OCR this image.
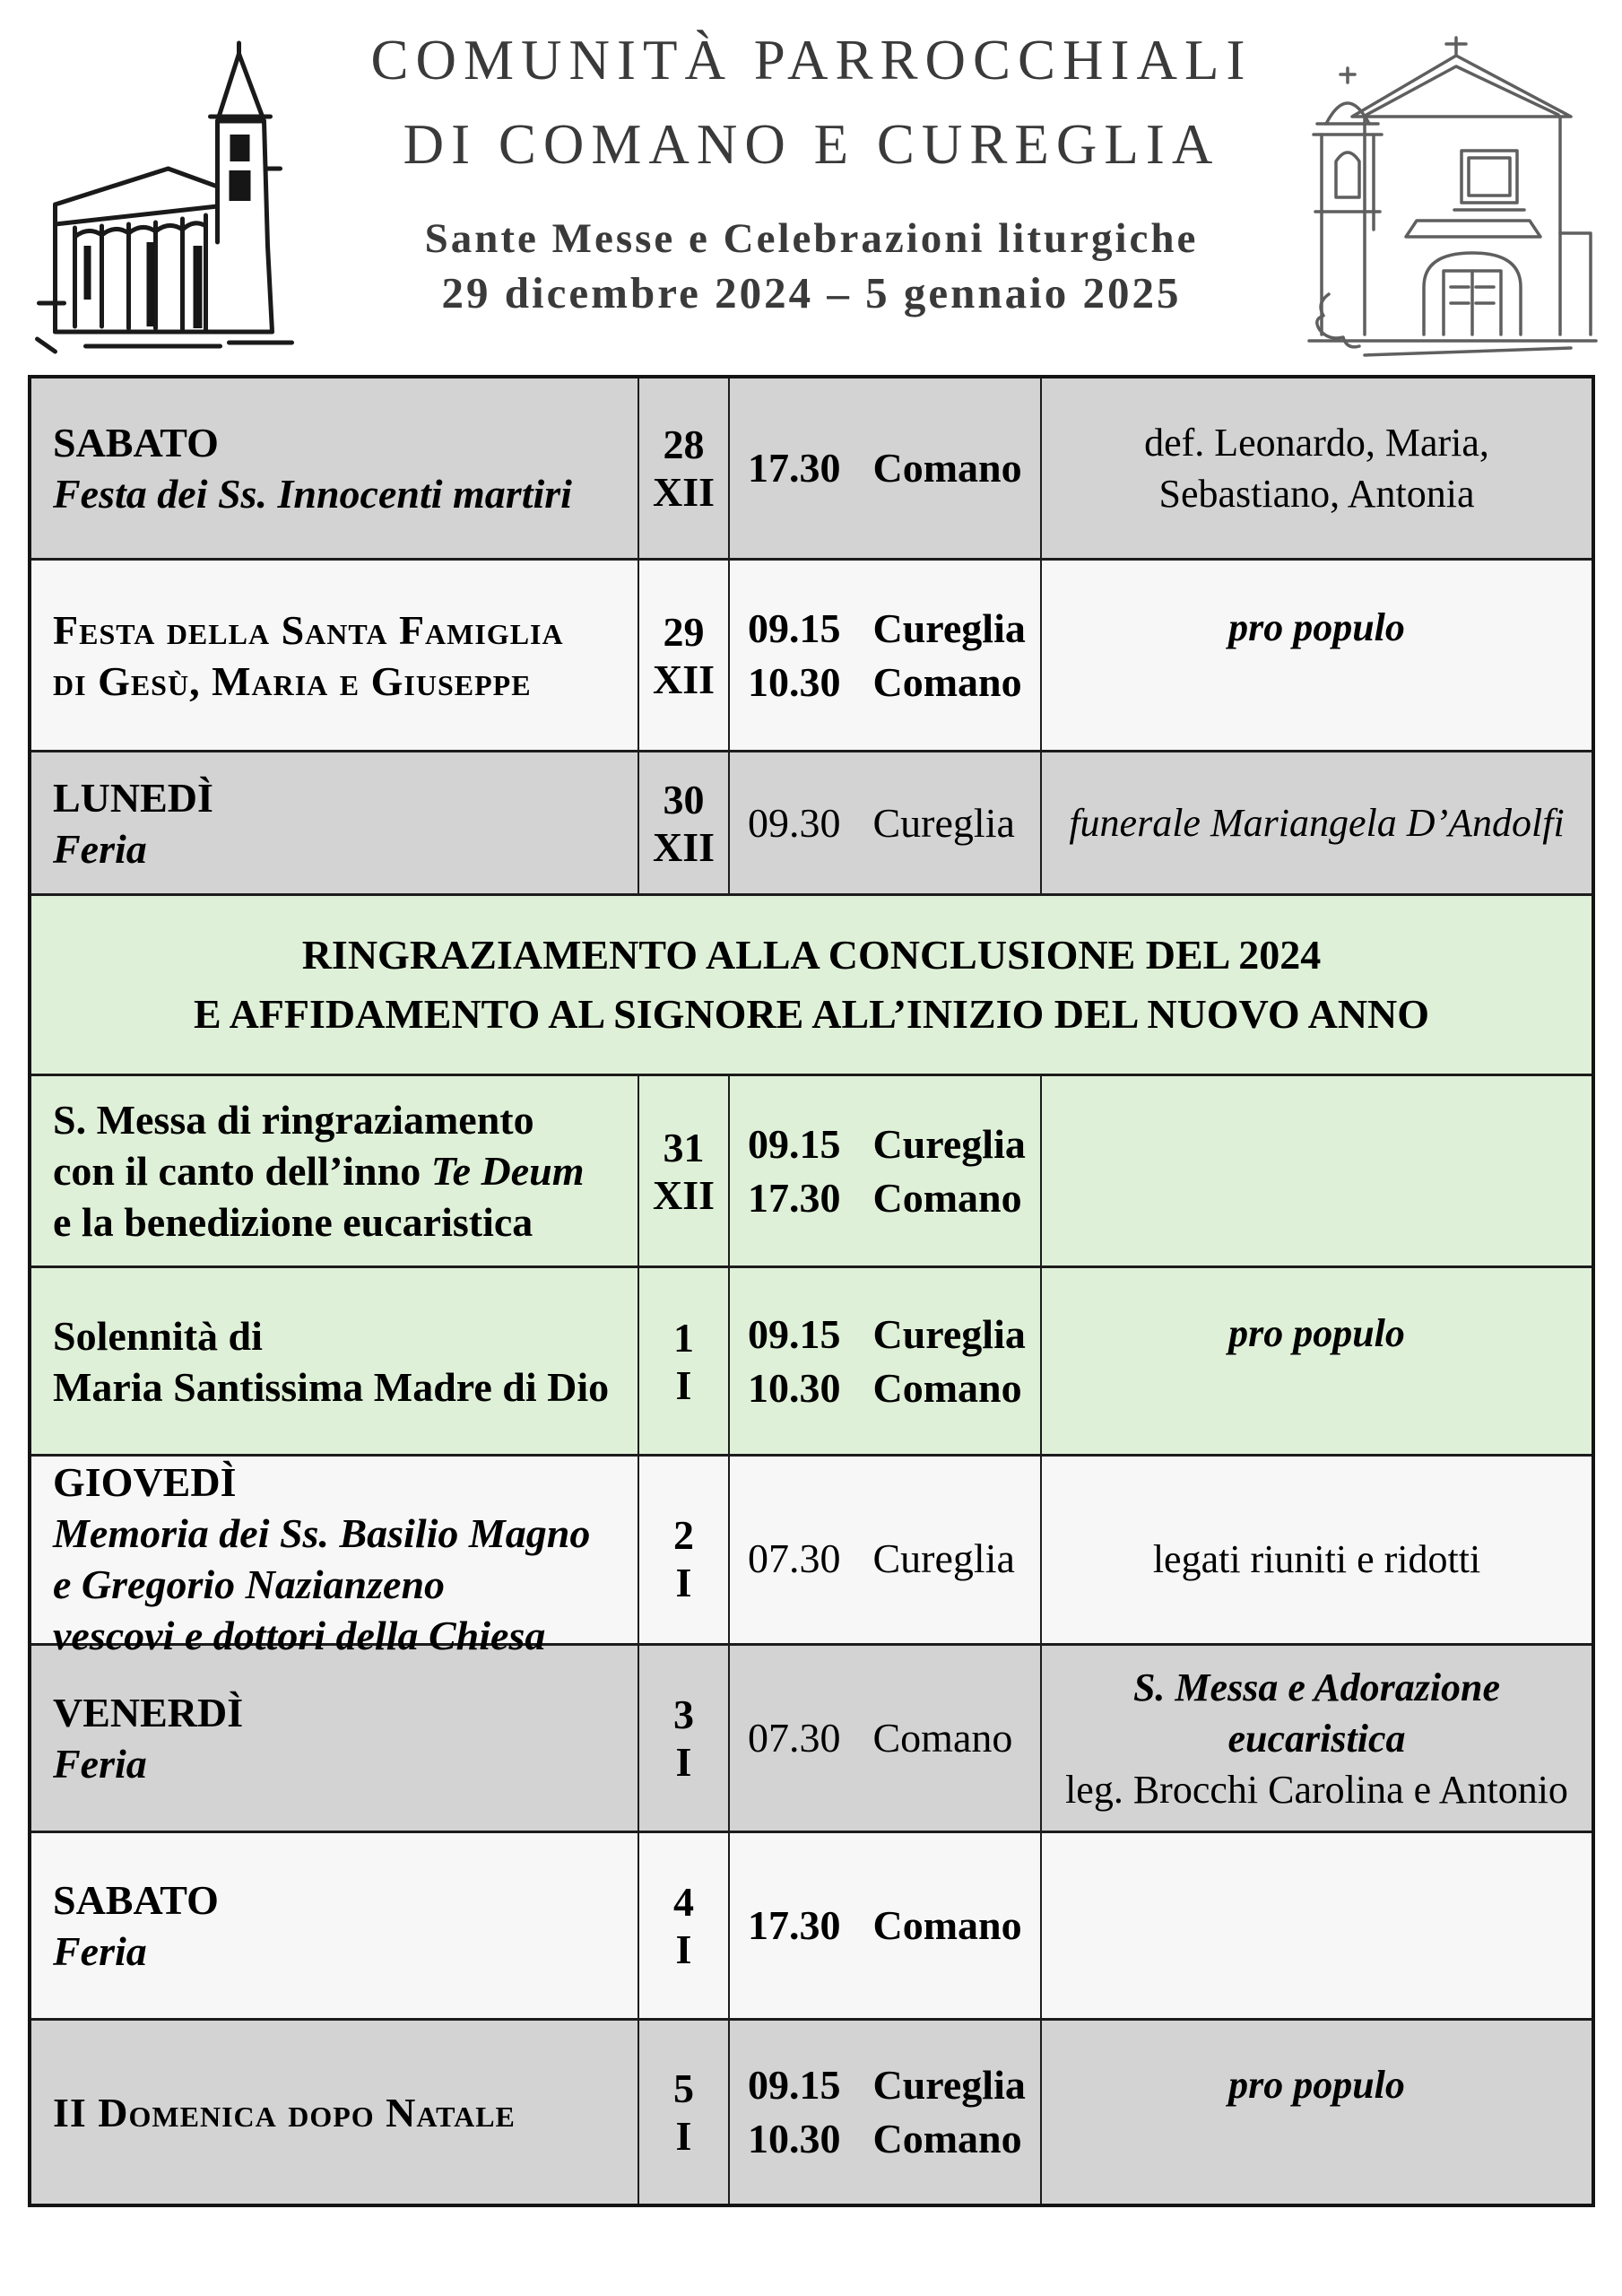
COMUNITÀ PARROCCHIALI
DI COMANO E CUREGLIA
Sante Messe e Celebrazioni liturgiche
29 dicembre 2024 – 5 gennaio 2025
SABATO
Festa dei Ss. Innocenti martiri
28
XII
17.30 Comano
def. Leonardo, Maria,
Sebastiano, Antonia
Festa della Santa Famiglia
di Gesù, Maria e Giuseppe
29
XII
09.15 Cureglia
10.30 Comano
pro populo
LUNEDÌ
Feria
30
XII
09.30 Cureglia funerale Mariangela D’Andolfi
RINGRAZIAMENTO ALLA CONCLUSIONE DEL 2024
E AFFIDAMENTO AL SIGNORE ALL’INIZIO DEL NUOVO ANNO
S. Messa di ringraziamento
con il canto dell’inno Te Deum
e la benedizione eucaristica
31
XII
09.15 Cureglia
17.30 Comano
Solennità di
Maria Santissima Madre di Dio
1
I
09.15 Cureglia
10.30 Comano
pro populo
GIOVEDÌ
Memoria dei Ss. Basilio Magno
e Gregorio Nazianzeno
vescovi e dottori della Chiesa
2
I
07.30 Cureglia	legati riuniti e ridotti
VENERDÌ
Feria
3
I
07.30 Comano
S. Messa e Adorazione eucaristica
leg. Brocchi Carolina e Antonio
SABATO
Feria
4
I
17.30 Comano
II Domenica dopo Natale
5
I
09.15 Cureglia
10.30 Comano
pro populo
